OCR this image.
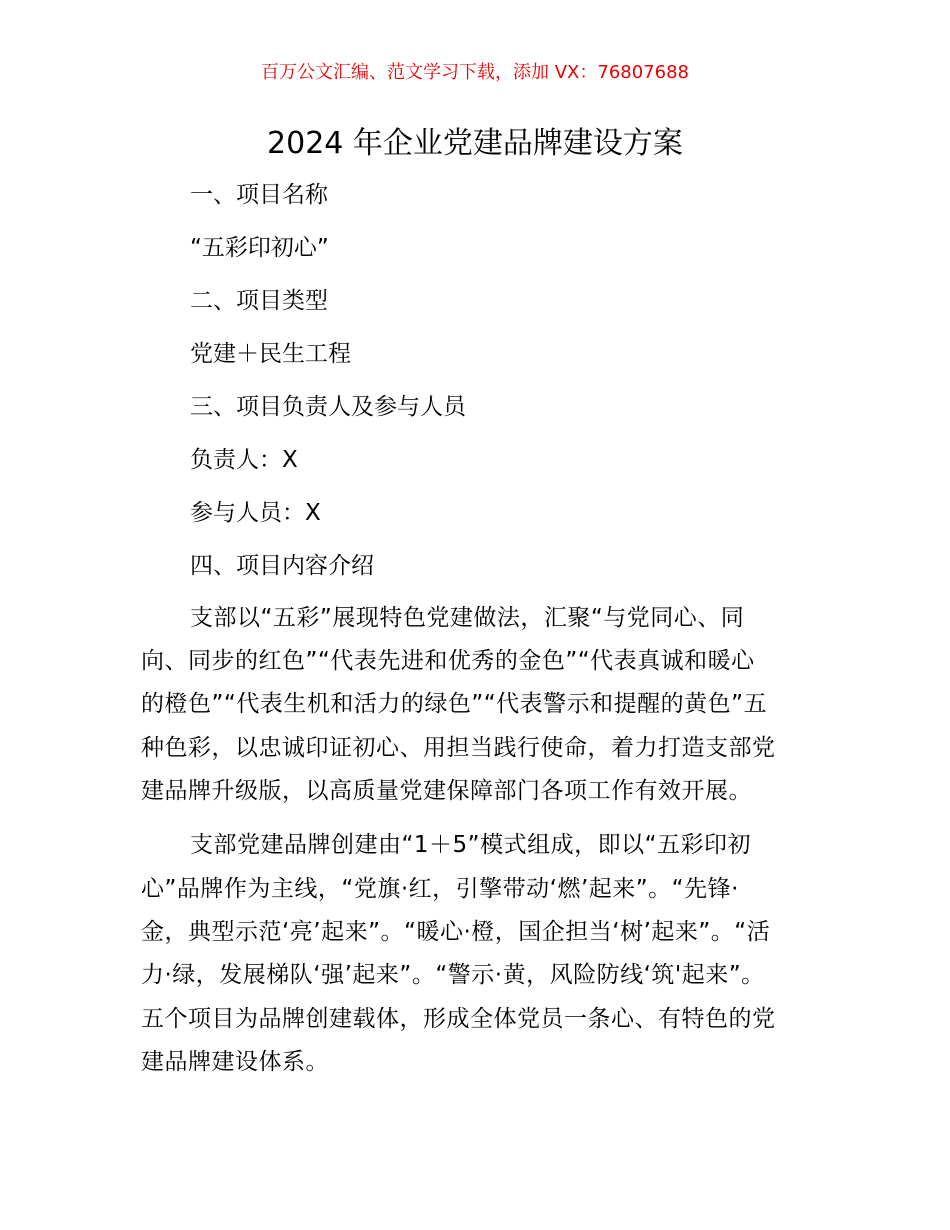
百万公文汇编、范文学习下载，添加 VX：76807688
2024 年企业党建品牌建设方案
一、项目名称
“五彩印初心”
二、项目类型
党建＋民生工程
三、项目负责人及参与人员
负责人：X
参与人员：X
四、项目内容介绍
支部以“五彩”展现特色党建做法，汇聚“与党同心、同
向、同步的红色”“代表先进和优秀的金色”“代表真诚和暖心
的橙色”“代表生机和活力的绿色”“代表警示和提醒的黄色”五
种色彩，以忠诚印证初心、用担当践行使命，着力打造支部党
建品牌升级版，以高质量党建保障部门各项工作有效开展。
支部党建品牌创建由“1＋5”模式组成，即以“五彩印初
心”品牌作为主线，“党旗·红，引擎带动‘燃’起来”。“先锋·
金，典型示范‘亮’起来”。“暖心·橙，国企担当‘树’起来”。“活
力·绿，发展梯队‘强’起来”。“警示·黄，风险防线‘筑'起来”。
五个项目为品牌创建载体，形成全体党员一条心、有特色的党
建品牌建设体系。
